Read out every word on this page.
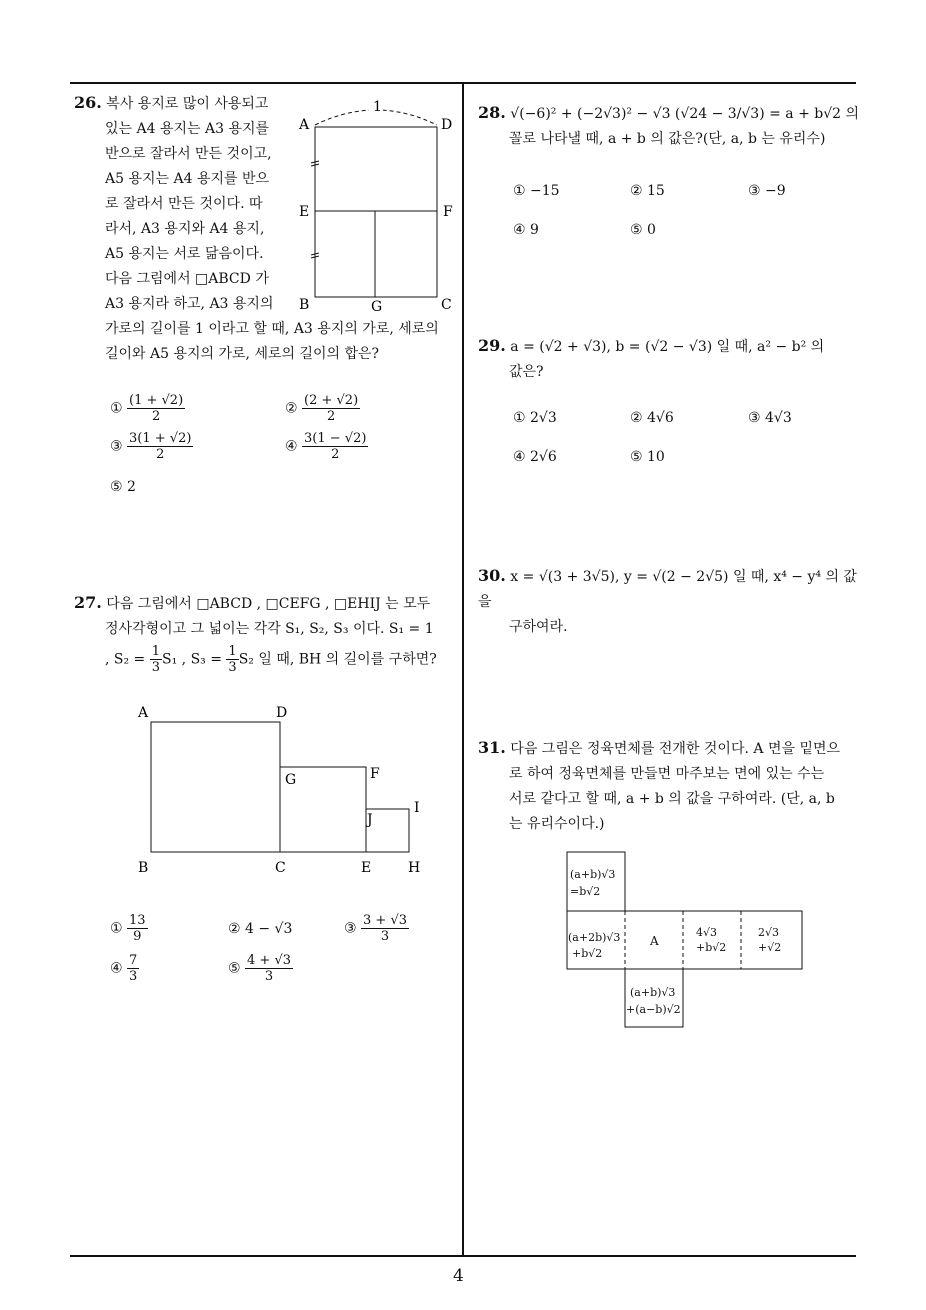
4
26. 복사 용지로 많이 사용되고
있는 A4 용지는 A3 용지를
반으로 잘라서 만든 것이고,
A5 용지는 A4 용지를 반으
로 잘라서 만든 것이다. 따
라서, A3 용지와 A4 용지,
A5 용지는 서로 닮음이다.
다음 그림에서 □ABCD 가
A3 용지라 하고, A3 용지의
가로의 길이를 1 이라고 할 때, A3 용지의 가로, 세로의
길이와 A5 용지의 가로, 세로의 길이의 합은?
1
A	D
E	F
B	G	C
① $\frac{(1 + √2)}{2}$	② $\frac{(2 + √2)}{2}$
③ $\frac{3(1 + √2)}{2}$	④ $\frac{3(1 - √2)}{2}$
⑤ 2
27. 다음 그림에서 □ABCD , □CEFG , □EHIJ 는 모두
정사각형이고 그 넓이는 각각 S₁, S₂, S₃ 이다. S₁ = 1
, $S_2 = \frac{1}{3} S_1$ , $S_3 = \frac{1}{3} S_2$ 일 때, BH 의 길이를 구하면?
A	D
G	F
I
J
B	C	E	H
① $\frac{13}{9}$	② 4 − √3	③ $\frac{3 + √3}{3}$
④ $\frac{7}{3}$	⑤ $\frac{4 + √3}{3}$
28. √(−6)² + (−2√3)² − √3 (√24 − 3/√3) = a + b√2 의
꼴로 나타낼 때, a + b 의 값은?(단, a, b 는 유리수)
① −15	② 15	③ −9
④ 9	⑤ 0
29. a = (√2 + √3), b = (√2 − √3) 일 때, a² − b² 의
값은?
① 2√3	② 4√6	③ 4√3
④ 2√6	⑤ 10
30. x = √(3 + 3√5), y = √(2 − 2√5) 일 때, x⁴ − y⁴ 의 값을
구하여라.
31. 다음 그림은 정육면체를 전개한 것이다. A 면을 밑면으
로 하여 정육면체를 만들면 마주보는 면에 있는 수는
서로 같다고 할 때, a + b 의 값을 구하여라. (단, a, b
는 유리수이다.)
(a+b)√3
=b√2
(a+2b)√3
+b√2
A
4√3
+b√2
2√3
+√2
(a+b)√3
+(a−b)√2
